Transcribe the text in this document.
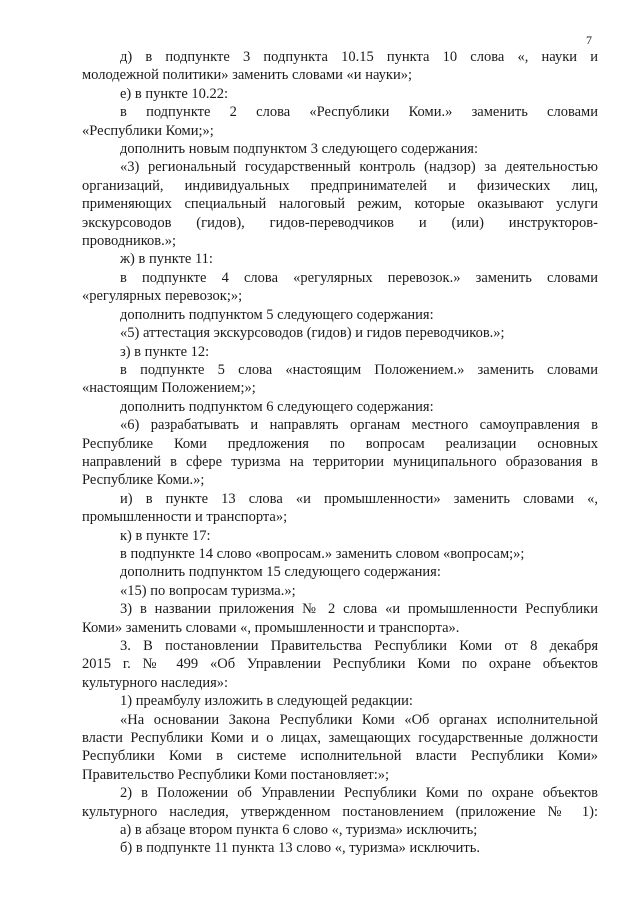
7

д) в подпункте 3 подпункта 10.15 пункта 10 слова «, науки и

молодежной политики» заменить словами «и науки»;

е) в пункте 10.22:

в подпункте 2 слова «Республики Коми.» заменить словами

«Республики Коми;»;

дополнить новым подпунктом 3 следующего содержания:

«3) региональный государственный контроль (надзор) за деятельностью

организаций, индивидуальных предпринимателей и физических лиц,

применяющих специальный налоговый режим, которые оказывают услуги

экскурсоводов (гидов), гидов-переводчиков и (или) инструкторов-

проводников.»;

ж) в пункте 11:

в подпункте 4 слова «регулярных перевозок.» заменить словами

«регулярных перевозок;»;

дополнить подпунктом 5 следующего содержания:

«5) аттестация экскурсоводов (гидов) и гидов переводчиков.»;

з) в пункте 12:

в подпункте 5 слова «настоящим Положением.» заменить словами

«настоящим Положением;»;

дополнить подпунктом 6 следующего содержания:

«6) разрабатывать и направлять органам местного самоуправления в

Республике Коми предложения по вопросам реализации основных

направлений в сфере туризма на территории муниципального образования в

Республике Коми.»;

и) в пункте 13 слова «и промышленности» заменить словами «,

промышленности и транспорта»;

к) в пункте 17:

в подпункте 14 слово «вопросам.» заменить словом «вопросам;»;

дополнить подпунктом 15 следующего содержания:

«15) по вопросам туризма.»;

3) в названии приложения № 2 слова «и промышленности Республики

Коми» заменить словами «, промышленности и транспорта».

3. В постановлении Правительства Республики Коми от 8 декабря

2015 г. № 499 «Об Управлении Республики Коми по охране объектов

культурного наследия»:

1) преамбулу изложить в следующей редакции:

«На основании Закона Республики Коми «Об органах исполнительной

власти Республики Коми и о лицах, замещающих государственные должности

Республики Коми в системе исполнительной власти Республики Коми»

Правительство Республики Коми постановляет:»;

2) в Положении об Управлении Республики Коми по охране объектов

культурного наследия, утвержденном постановлением (приложение № 1):

а) в абзаце втором пункта 6 слово «, туризма» исключить;

б) в подпункте 11 пункта 13 слово «, туризма» исключить.
